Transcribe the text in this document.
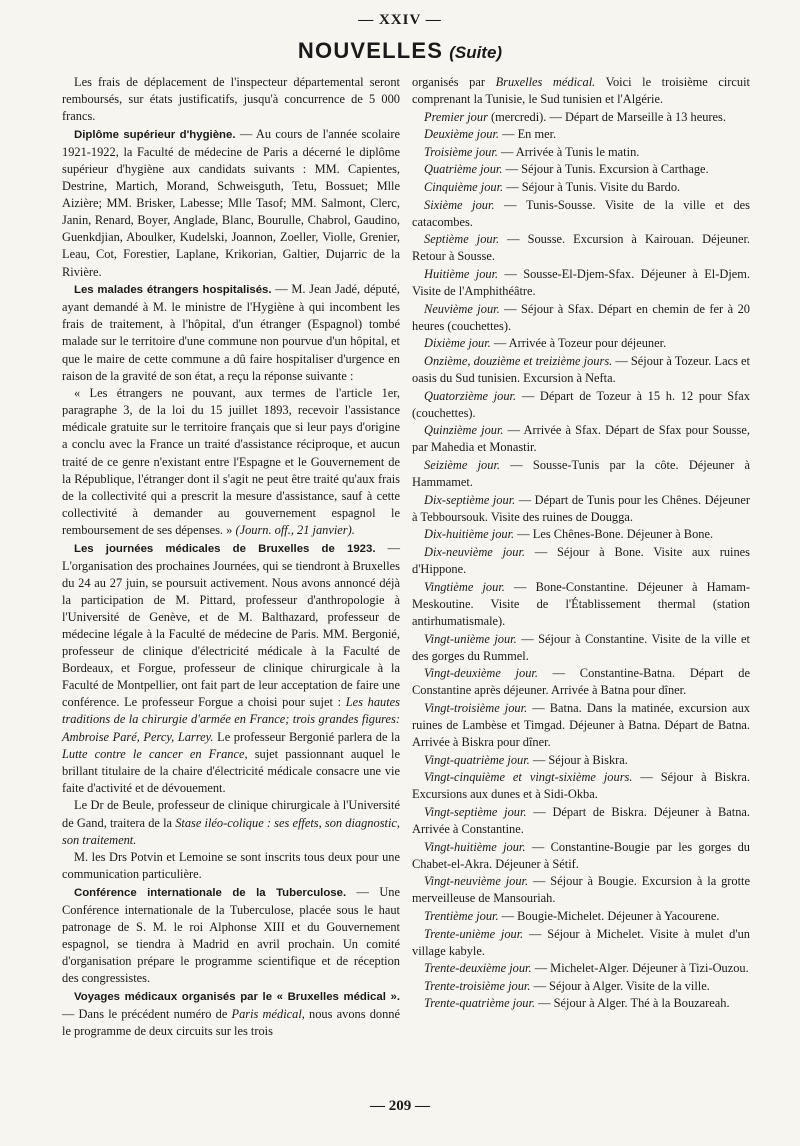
— XXIV —
NOUVELLES (Suite)

Les frais de déplacement de l'inspecteur départemental seront remboursés, sur états justificatifs, jusqu'à concurrence de 5 000 francs.

Diplôme supérieur d'hygiène. — Au cours de l'année scolaire 1921-1922, la Faculté de médecine de Paris a décerné le diplôme supérieur d'hygiène aux candidats suivants : MM. Capientes, Destrine, Martich, Morand, Schweisguth, Tetu, Bossuet; Mlle Aizière; MM. Brisker, Labesse; Mlle Tasof; MM. Salmont, Clerc, Janin, Renard, Boyer, Anglade, Blanc, Bourulle, Chabrol, Gaudino, Guenkdjian, Aboulker, Kudelski, Joannon, Zoeller, Violle, Grenier, Leau, Cot, Forestier, Laplane, Krikorian, Galtier, Dujarric de la Rivière.

Les malades étrangers hospitalisés. — M. Jean Jadé, député, ayant demandé à M. le ministre de l'Hygiène à qui incombent les frais de traitement, à l'hôpital, d'un étranger (Espagnol) tombé malade sur le territoire d'une commune non pourvue d'un hôpital, et que le maire de cette commune a dû faire hospitaliser d'urgence en raison de la gravité de son état, a reçu la réponse suivante :

« Les étrangers ne pouvant, aux termes de l'article 1er, paragraphe 3, de la loi du 15 juillet 1893, recevoir l'assistance médicale gratuite sur le territoire français que si leur pays d'origine a conclu avec la France un traité d'assistance réciproque, et aucun traité de ce genre n'existant entre l'Espagne et le Gouvernement de la République, l'étranger dont il s'agit ne peut être traité qu'aux frais de la collectivité qui a prescrit la mesure d'assistance, sauf à cette collectivité à demander au gouvernement espagnol le remboursement de ses dépenses. » (Journ. off., 21 janvier).

Les journées médicales de Bruxelles de 1923. — L'organisation des prochaines Journées, qui se tiendront à Bruxelles du 24 au 27 juin, se poursuit activement. Nous avons annoncé déjà la participation de M. Pittard, professeur d'anthropologie à l'Université de Genève, et de M. Balthazard, professeur de médecine légale à la Faculté de médecine de Paris. MM. Bergonié, professeur de clinique d'électricité médicale à la Faculté de Bordeaux, et Forgue, professeur de clinique chirurgicale à la Faculté de Montpellier, ont fait part de leur acceptation de faire une conférence. Le professeur Forgue a choisi pour sujet : Les hautes traditions de la chirurgie d'armée en France; trois grandes figures: Ambroise Paré, Percy, Larrey. Le professeur Bergonié parlera de la Lutte contre le cancer en France, sujet passionnant auquel le brillant titulaire de la chaire d'électricité médicale consacre une vie faite d'activité et de dévouement.

Le Dr de Beule, professeur de clinique chirurgicale à l'Université de Gand, traitera de la Stase iléo-colique : ses effets, son diagnostic, son traitement.

M. les Drs Potvin et Lemoine se sont inscrits tous deux pour une communication particulière.

Conférence internationale de la Tuberculose. — Une Conférence internationale de la Tuberculose, placée sous le haut patronage de S. M. le roi Alphonse XIII et du Gouvernement espagnol, se tiendra à Madrid en avril prochain. Un comité d'organisation prépare le programme scientifique et de réception des congressistes.

Voyages médicaux organisés par le « Bruxelles médical ». — Dans le précédent numéro de Paris médical, nous avons donné le programme de deux circuits sur les trois

organisés par Bruxelles médical. Voici le troisième circuit comprenant la Tunisie, le Sud tunisien et l'Algérie.

Premier jour (mercredi). — Départ de Marseille à 13 heures.

Deuxième jour. — En mer.

Troisième jour. — Arrivée à Tunis le matin.

Quatrième jour. — Séjour à Tunis. Excursion à Carthage.

Cinquième jour. — Séjour à Tunis. Visite du Bardo.

Sixième jour. — Tunis-Sousse. Visite de la ville et des catacombes.

Septième jour. — Sousse. Excursion à Kairouan. Déjeuner. Retour à Sousse.

Huitième jour. — Sousse-El-Djem-Sfax. Déjeuner à El-Djem. Visite de l'Amphithéâtre.

Neuvième jour. — Séjour à Sfax. Départ en chemin de fer à 20 heures (couchettes).

Dixième jour. — Arrivée à Tozeur pour déjeuner.

Onzième, douzième et treizième jours. — Séjour à Tozeur. Lacs et oasis du Sud tunisien. Excursion à Nefta.

Quatorzième jour. — Départ de Tozeur à 15 h. 12 pour Sfax (couchettes).

Quinzième jour. — Arrivée à Sfax. Départ de Sfax pour Sousse, par Mahedia et Monastir.

Seizième jour. — Sousse-Tunis par la côte. Déjeuner à Hammamet.

Dix-septième jour. — Départ de Tunis pour les Chênes. Déjeuner à Tebboursouk. Visite des ruines de Dougga.

Dix-huitième jour. — Les Chênes-Bone. Déjeuner à Bone.

Dix-neuvième jour. — Séjour à Bone. Visite aux ruines d'Hippone.

Vingtième jour. — Bone-Constantine. Déjeuner à Hamam-Meskoutine. Visite de l'Établissement thermal (station antirhumatismale).

Vingt-unième jour. — Séjour à Constantine. Visite de la ville et des gorges du Rummel.

Vingt-deuxième jour. — Constantine-Batna. Départ de Constantine après déjeuner. Arrivée à Batna pour dîner.

Vingt-troisième jour. — Batna. Dans la matinée, excursion aux ruines de Lambèse et Timgad. Déjeuner à Batna. Départ de Batna. Arrivée à Biskra pour dîner.

Vingt-quatrième jour. — Séjour à Biskra.

Vingt-cinquième et vingt-sixième jours. — Séjour à Biskra. Excursions aux dunes et à Sidi-Okba.

Vingt-septième jour. — Départ de Biskra. Déjeuner à Batna. Arrivée à Constantine.

Vingt-huitième jour. — Constantine-Bougie par les gorges du Chabet-el-Akra. Déjeuner à Sétif.

Vingt-neuvième jour. — Séjour à Bougie. Excursion à la grotte merveilleuse de Mansouriah.

Trentième jour. — Bougie-Michelet. Déjeuner à Yacourene.

Trente-unième jour. — Séjour à Michelet. Visite à mulet d'un village kabyle.

Trente-deuxième jour. — Michelet-Alger. Déjeuner à Tizi-Ouzou.

Trente-troisième jour. — Séjour à Alger. Visite de la ville.

Trente-quatrième jour. — Séjour à Alger. Thé à la Bouzareah.

— 209 —
